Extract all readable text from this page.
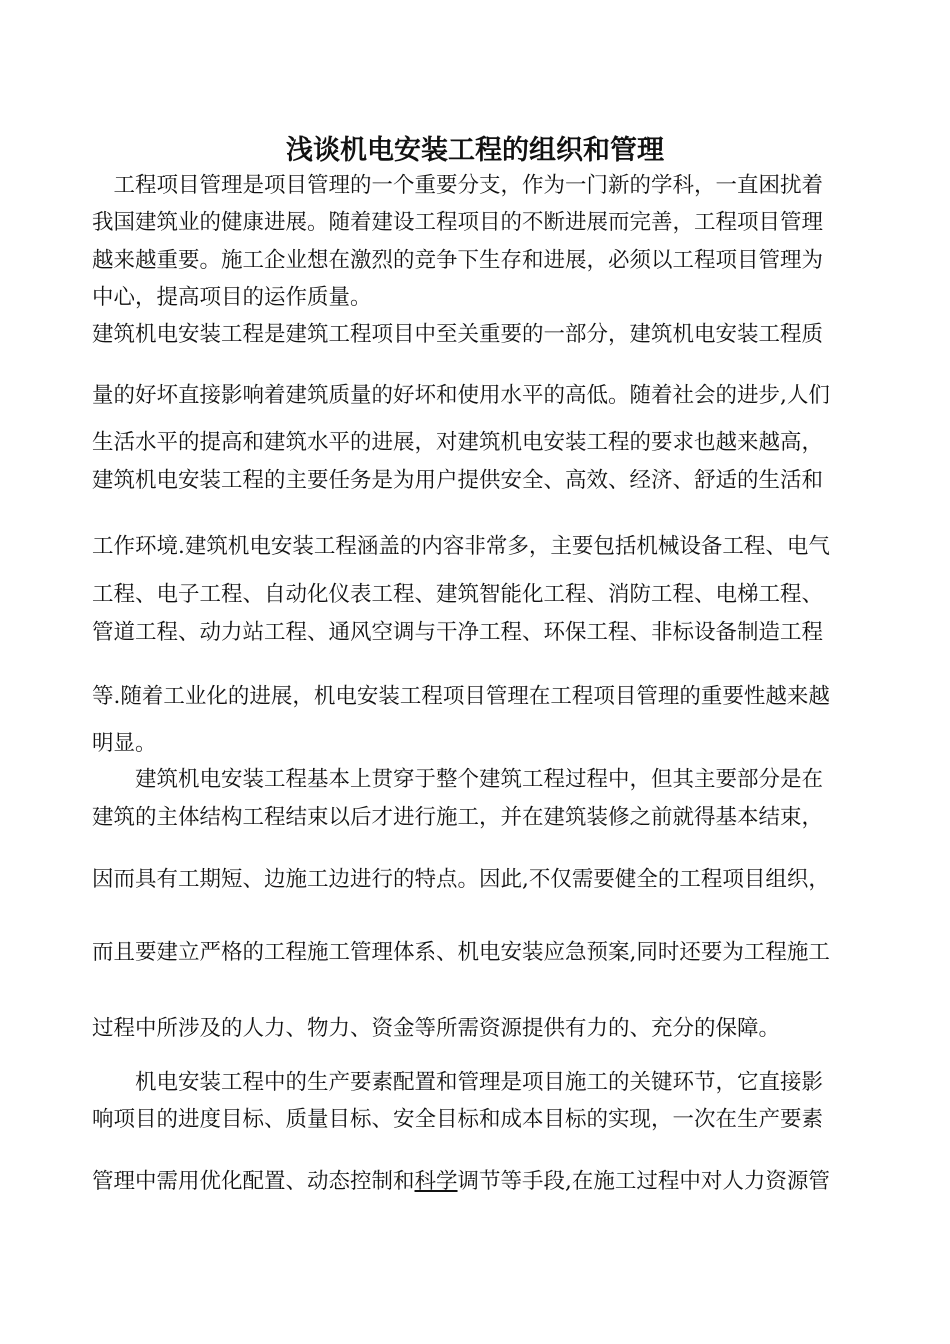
浅谈机电安装工程的组织和管理
　工程项目管理是项目管理的一个重要分支，作为一门新的学科，一直困扰着
我国建筑业的健康进展。随着建设工程项目的不断进展而完善，工程项目管理
越来越重要。施工企业想在激烈的竞争下生存和进展，必须以工程项目管理为
中心，提高项目的运作质量。
建筑机电安装工程是建筑工程项目中至关重要的一部分，建筑机电安装工程质
量的好坏直接影响着建筑质量的好坏和使用水平的高低。随着社会的进步,人们
生活水平的提高和建筑水平的进展，对建筑机电安装工程的要求也越来越高，
建筑机电安装工程的主要任务是为用户提供安全、高效、经济、舒适的生活和
工作环境.建筑机电安装工程涵盖的内容非常多，主要包括机械设备工程、电气
工程、电子工程、自动化仪表工程、建筑智能化工程、消防工程、电梯工程、
管道工程、动力站工程、通风空调与干净工程、环保工程、非标设备制造工程
等.随着工业化的进展，机电安装工程项目管理在工程项目管理的重要性越来越
明显。
　　建筑机电安装工程基本上贯穿于整个建筑工程过程中，但其主要部分是在
建筑的主体结构工程结束以后才进行施工，并在建筑装修之前就得基本结束，
因而具有工期短、边施工边进行的特点。因此,不仅需要健全的工程项目组织，
而且要建立严格的工程施工管理体系、机电安装应急预案,同时还要为工程施工
过程中所涉及的人力、物力、资金等所需资源提供有力的、充分的保障。
　　机电安装工程中的生产要素配置和管理是项目施工的关键环节，它直接影
响项目的进度目标、质量目标、安全目标和成本目标的实现，一次在生产要素
管理中需用优化配置、动态控制和科学调节等手段,在施工过程中对人力资源管
